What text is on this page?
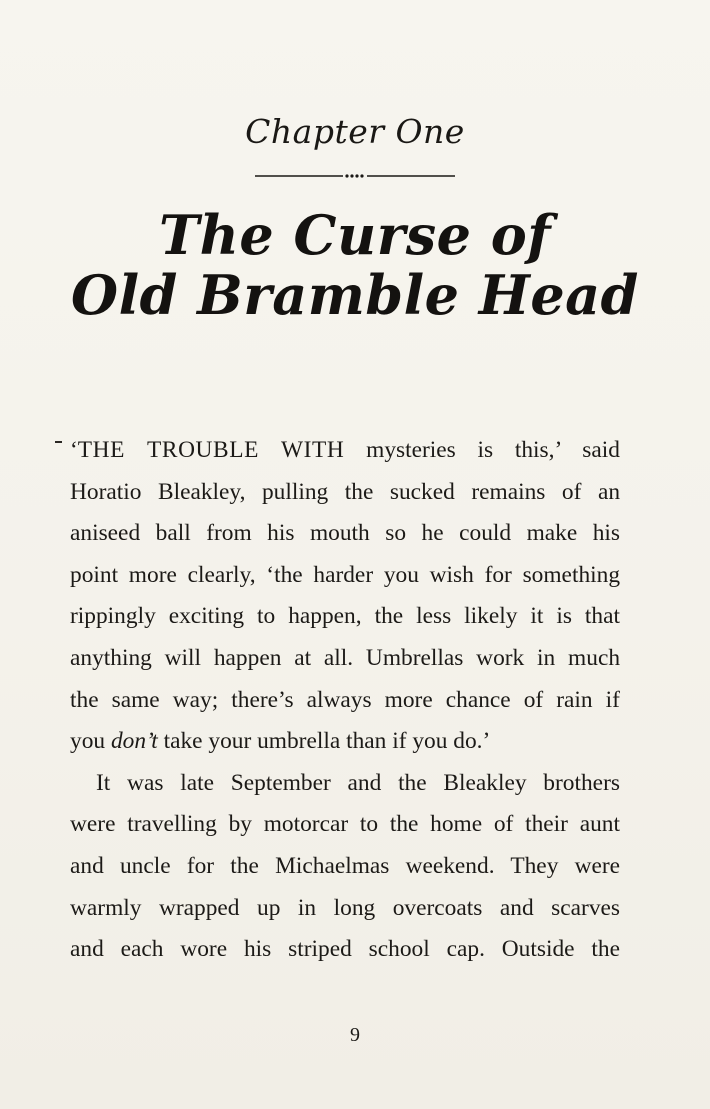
Chapter One
The Curse of
Old Bramble Head
‘THE TROUBLE WITH mysteries is this,’ said
Horatio Bleakley, pulling the sucked remains of an
aniseed ball from his mouth so he could make his
point more clearly, ‘the harder you wish for something
rippingly exciting to happen, the less likely it is that
anything will happen at all. Umbrellas work in much
the same way; there’s always more chance of rain if
you don’t take your umbrella than if you do.’
It was late September and the Bleakley brothers
were travelling by motorcar to the home of their aunt
and uncle for the Michaelmas weekend. They were
warmly wrapped up in long overcoats and scarves
and each wore his striped school cap. Outside the
9
